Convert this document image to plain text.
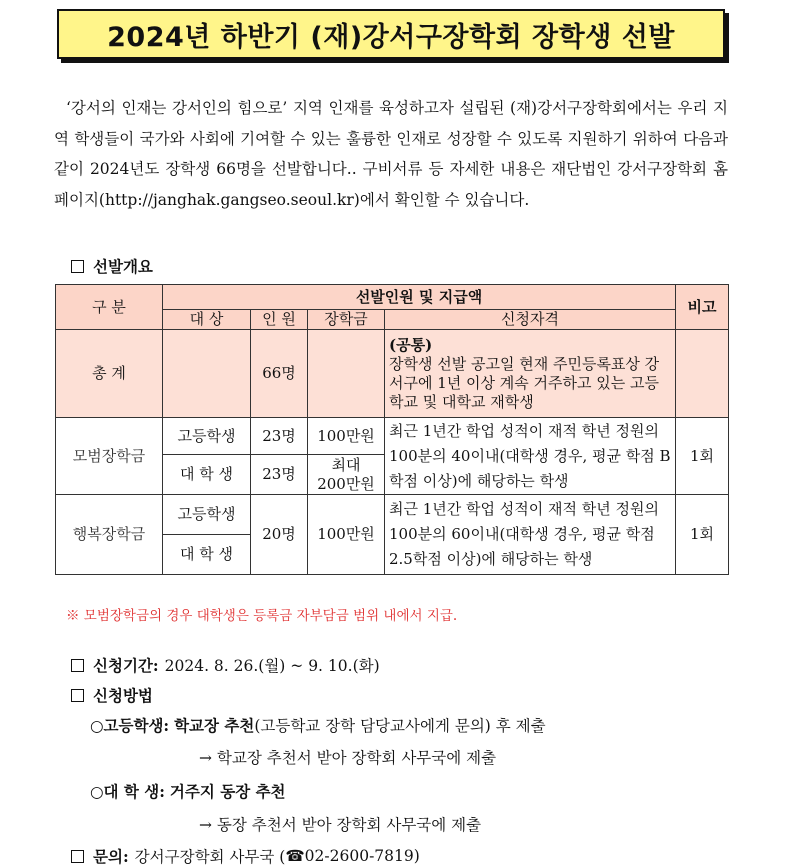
2024년 하반기 (재)강서구장학회 장학생 선발

‘강서의 인재는 강서인의 힘으로’ 지역 인재를 육성하고자 설립된 (재)강서구장학회에서는 우리 지역 학생들이 국가와 사회에 기여할 수 있는 훌륭한 인재로 성장할 수 있도록 지원하기 위하여 다음과 같이 2024년도 장학생 66명을 선발합니다.. 구비서류 등 자세한 내용은 재단법인 강서구장학회 홈페이지(http://janghak.gangseo.seoul.kr)에서 확인할 수 있습니다.

선발개요
구 분	선발인원 및 지급액				비고
	대 상	인 원	장학금	신청자격	
총 계		66명		(공통)
장학생 선발 공고일 현재 주민등록표상 강서구에 1년 이상 계속 거주하고 있는 고등학교 및 대학교 재학생	

모범장학금	고등학생	23명	100만원	최근 1년간 학업 성적이 재적 학년 정원의 100분의 40이내(대학생 경우, 평균 학점 B학점 이상)에 해당하는 학생	1회
	대 학 생	23명	최대
200만원		

행복장학금	고등학생	20명	100만원	최근 1년간 학업 성적이 재적 학년 정원의 100분의 60이내(대학생 경우, 평균 학점 2.5학점 이상)에 해당하는 학생	1회
	대 학 생				
※ 모범장학금의 경우 대학생은 등록금 자부담금 범위 내에서 지급.
신청기간: 2024. 8. 26.(월) ~ 9. 10.(화)
신청방법
○고등학생: 학교장 추천(고등학교 장학 담당교사에게 문의) 후 제출
→ 학교장 추천서 받아 장학회 사무국에 제출
○대 학 생: 거주지 동장 추천
→ 동장 추천서 받아 장학회 사무국에 제출
문의: 강서구장학회 사무국 ( ☎ 02-2600-7819)
